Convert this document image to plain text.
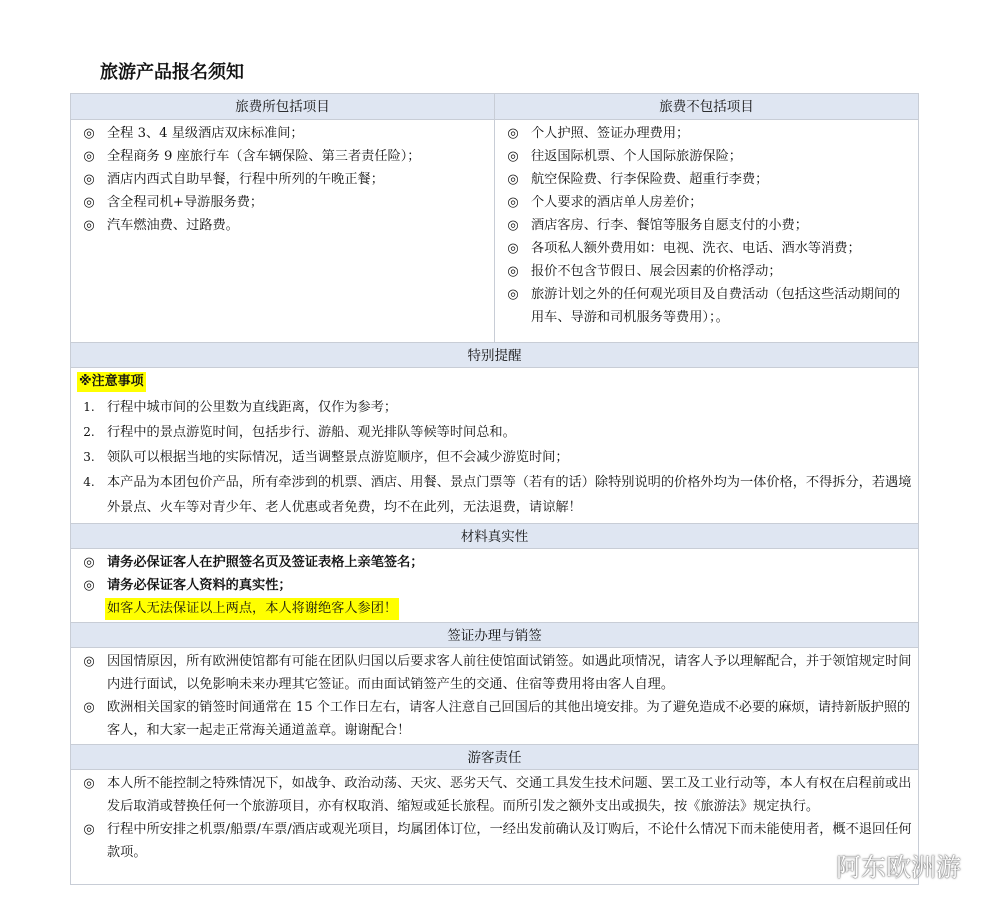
旅游产品报名须知
旅费所包括项目
◎ 全程 3、4 星级酒店双床标准间；
◎ 全程商务 9 座旅行车（含车辆保险、第三者责任险）；
◎ 酒店内西式自助早餐，行程中所列的午晚正餐；
◎ 含全程司机+导游服务费；
◎ 汽车燃油费、过路费。
旅费不包括项目
◎ 个人护照、签证办理费用；
◎ 往返国际机票、个人国际旅游保险；
◎ 航空保险费、行李保险费、超重行李费；
◎ 个人要求的酒店单人房差价；
◎ 酒店客房、行李、餐馆等服务自愿支付的小费；
◎ 各项私人额外费用如：电视、洗衣、电话、酒水等消费；
◎ 报价不包含节假日、展会因素的价格浮动；
◎ 旅游计划之外的任何观光项目及自费活动（包括这些活动期间的用车、导游和司机服务等费用）；。
特别提醒
※注意事项
1. 行程中城市间的公里数为直线距离，仅作为参考；
2. 行程中的景点游览时间，包括步行、游船、观光排队等候等时间总和。
3. 领队可以根据当地的实际情况，适当调整景点游览顺序，但不会减少游览时间；
4. 本产品为本团包价产品，所有牵涉到的机票、酒店、用餐、景点门票等（若有的话）除特别说明的价格外均为一体价格，不得拆分，若遇境外景点、火车等对青少年、老人优惠或者免费，均不在此列，无法退费，请谅解！
材料真实性
◎ 请务必保证客人在护照签名页及签证表格上亲笔签名；
◎ 请务必保证客人资料的真实性；
如客人无法保证以上两点，本人将谢绝客人参团！
签证办理与销签
◎ 因国情原因，所有欧洲使馆都有可能在团队归国以后要求客人前往使馆面试销签。如遇此项情况，请客人予以理解配合，并于领馆规定时间内进行面试，以免影响未来办理其它签证。而由面试销签产生的交通、住宿等费用将由客人自理。
◎ 欧洲相关国家的销签时间通常在 15 个工作日左右，请客人注意自己回国后的其他出境安排。为了避免造成不必要的麻烦，请持新版护照的客人，和大家一起走正常海关通道盖章。谢谢配合！
游客责任
◎ 本人所不能控制之特殊情况下，如战争、政治动荡、天灾、恶劣天气、交通工具发生技术问题、罢工及工业行动等，本人有权在启程前或出发后取消或替换任何一个旅游项目，亦有权取消、缩短或延长旅程。而所引发之额外支出或损失，按《旅游法》规定执行。
◎ 行程中所安排之机票/船票/车票/酒店或观光项目，均属团体订位，一经出发前确认及订购后，不论什么情况下而未能使用者，概不退回任何款项。
阿东欧洲游
